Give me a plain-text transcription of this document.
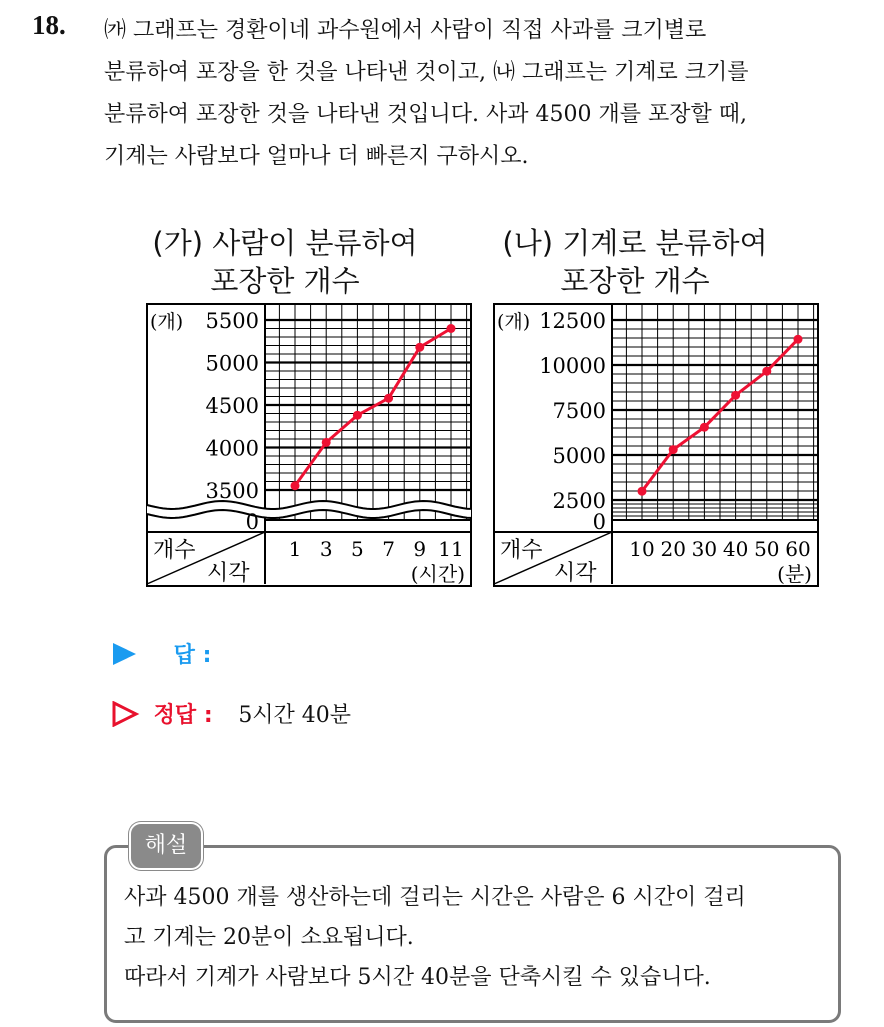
18. ㈎ 그래프는 경환이네 과수원에서 사람이 직접 사과를 크기별로
분류하여 포장을 한 것을 나타낸 것이고, ㈏ 그래프는 기계로 크기를
분류하여 포장한 것을 나타낸 것입니다. 사과 4500 개를 포장할 때,
기계는 사람보다 얼마나 더 빠른지 구하시오.
(가) 사람이 분류하여
포장한 개수
(나) 기계로 분류하여
포장한 개수
3500
4000
4500
5000
5500
0
(개)
개수
시각
1 3 5 7 9 11
(시간)
2500
5000
7500
10000
12500
0
(개)
개수
시각
10 20 30 40 50 60
(분)
답 :
정답 : 5시간 40분
해설
사과 4500 개를 생산하는데 걸리는 시간은 사람은 6 시간이 걸리
고 기계는 20분이 소요됩니다.
따라서 기계가 사람보다 5시간 40분을 단축시킬 수 있습니다.
